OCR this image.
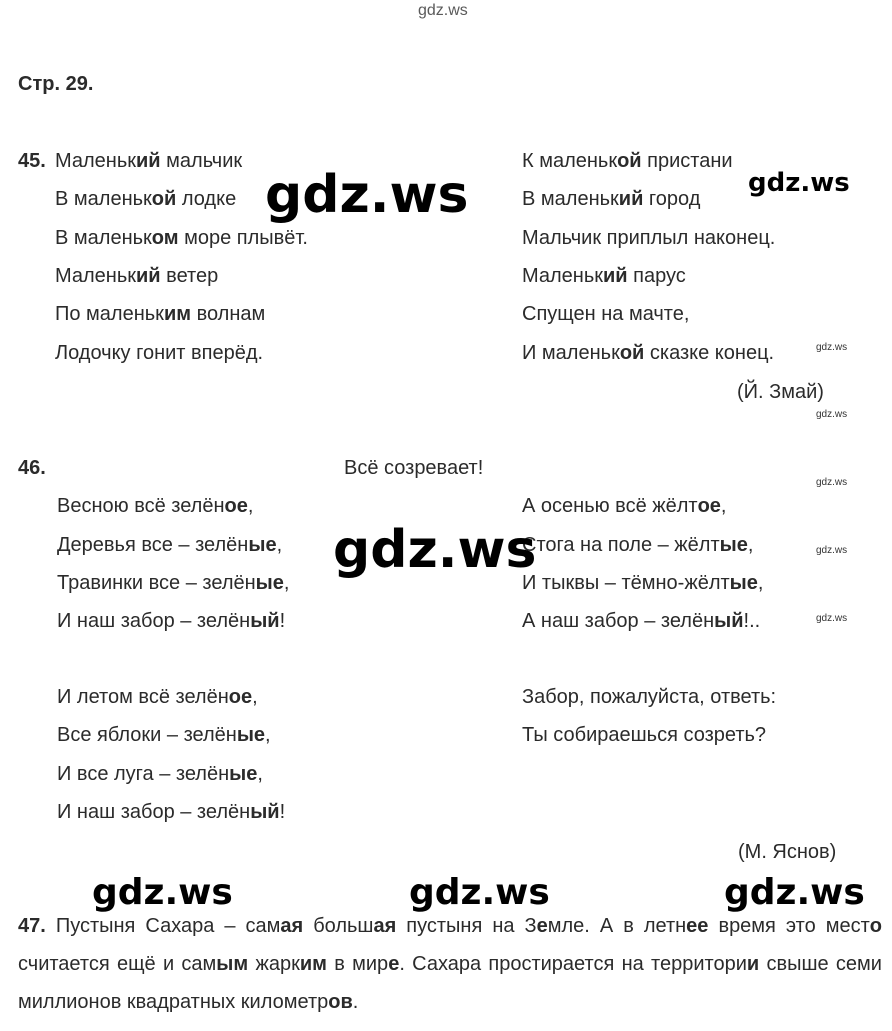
gdz.ws
Стр. 29.
45. Маленький мальчик
В маленькой лодке
В маленьком море плывёт.
Маленький ветер
По маленьким волнам
Лодочку гонит вперёд.
К маленькой пристани
В маленький город
Мальчик приплыл наконец.
Маленький парус
Спущен на мачте,
И маленькой сказке конец.
(Й. Змай)
46.	Всё созревает!
Весною всё зелёное,
Деревья все – зелёные,
Травинки все – зелёные,
И наш забор – зелёный!
И летом всё зелёное,
Все яблоки – зелёные,
И все луга – зелёные,
И наш забор – зелёный!
А осенью всё жёлтое,
Стога на поле – жёлтые,
И тыквы – тёмно-жёлтые,
А наш забор – зелёный!..
Забор, пожалуйста, ответь:
Ты собираешься созреть?
(М. Яснов)
47. Пустыня Сахара – самая большая пустыня на Земле. А в летнее время это место считается ещё и самым жарким в мире. Сахара простирается на территории свыше семи миллионов квадратных километров.
gdz.ws	gdz.ws
gdz.ws
gdz.ws	gdz.ws	gdz.ws
gdz.ws
gdz.ws
gdz.ws
gdz.ws
gdz.ws
